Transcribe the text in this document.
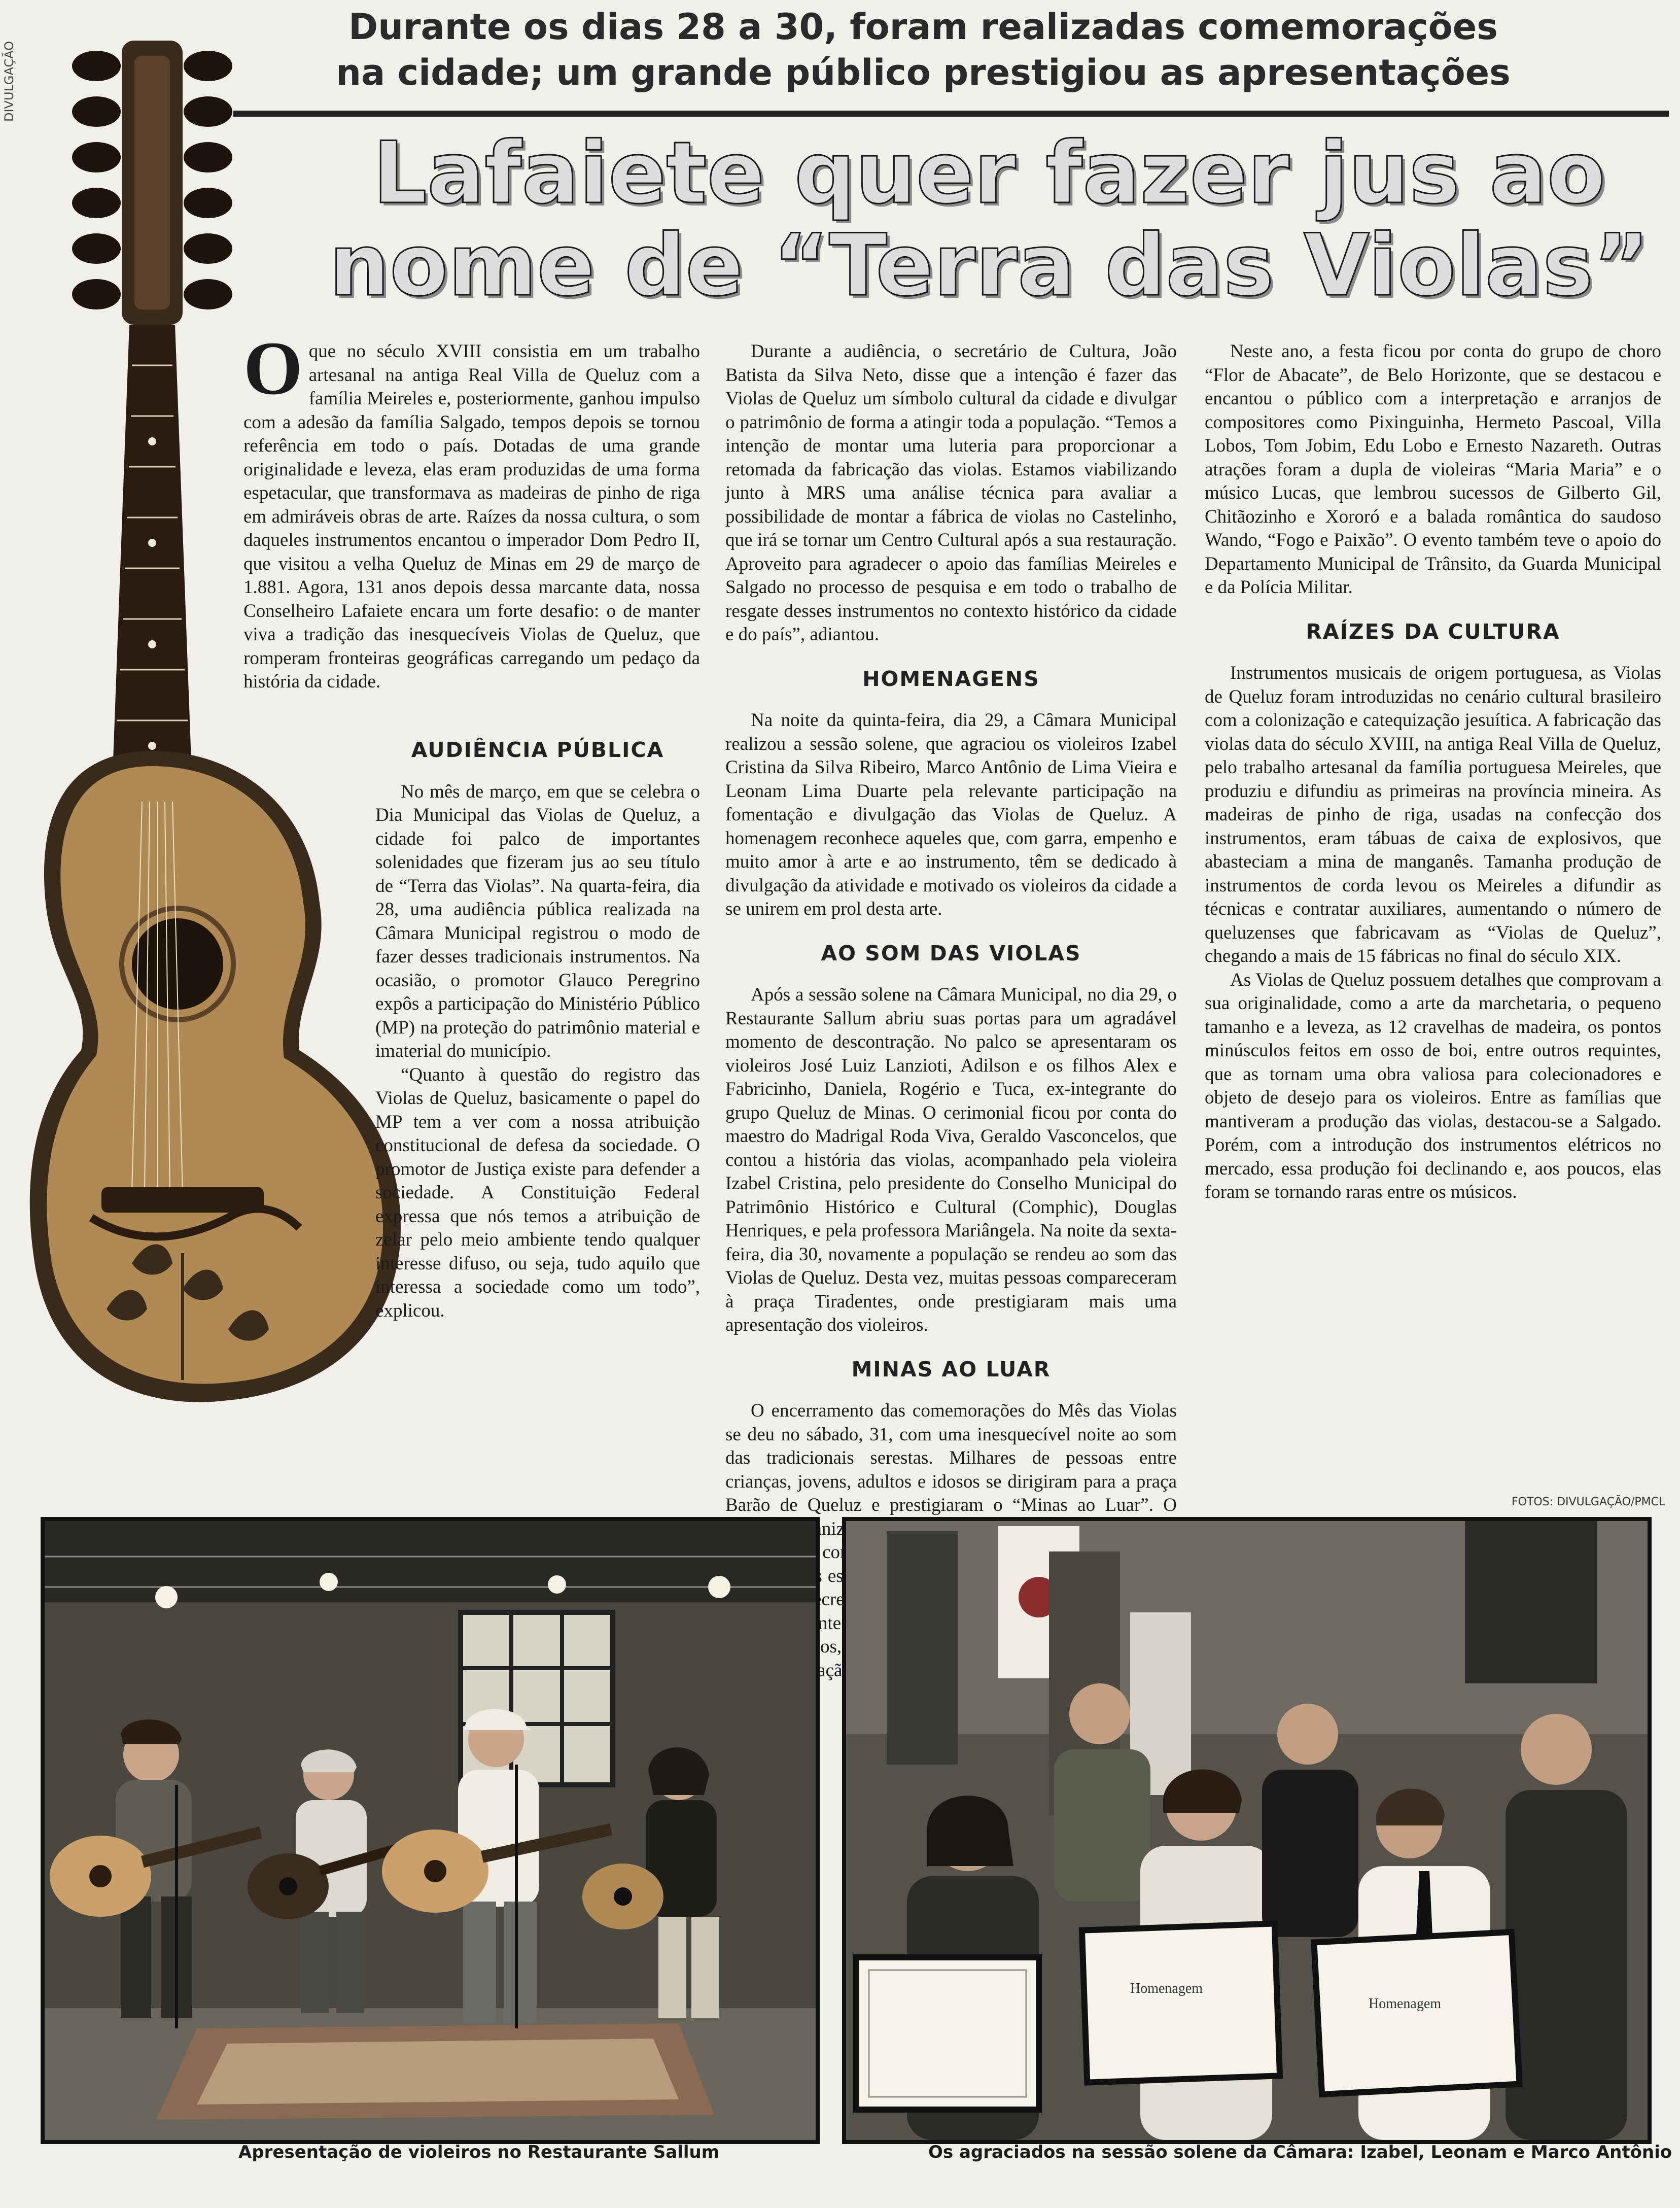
DIVULGAÇÃO
Durante os dias 28 a 30, foram realizadas comemorações
na cidade; um grande público prestigiou as apresentações
Lafaiete quer fazer jus ao
nome de “Terra das Violas”

Oque no século XVIII consistia em um trabalho artesanal na antiga Real Villa de Queluz com a família Meireles e, posteriormente, ganhou impulso com a adesão da família Salgado, tempos depois se tornou referência em todo o país. Dotadas de uma grande originalidade e leveza, elas eram produzidas de uma forma espetacular, que transformava as madeiras de pinho de riga em admiráveis obras de arte. Raízes da nossa cultura, o som daqueles instrumentos encantou o imperador Dom Pedro II, que visitou a velha Queluz de Minas em 29 de março de 1.881. Agora, 131 anos depois dessa marcante data, nossa Conselheiro Lafaiete encara um forte desafio: o de manter viva a tradição das inesquecíveis Violas de Queluz, que romperam fronteiras geográficas carregando um pedaço da história da cidade.

AUDIÊNCIA PÚBLICA

No mês de março, em que se celebra o Dia Municipal das Violas de Queluz, a cidade foi palco de importantes solenidades que fizeram jus ao seu título de “Terra das Violas”. Na quarta-feira, dia 28, uma audiência pública realizada na Câmara Municipal registrou o modo de fazer desses tradicionais instrumentos. Na ocasião, o promotor Glauco Peregrino expôs a participação do Ministério Público (MP) na proteção do patrimônio material e imaterial do município.

“Quanto à questão do registro das Violas de Queluz, basicamente o papel do MP tem a ver com a nossa atribuição constitucional de defesa da sociedade. O promotor de Justiça existe para defender a sociedade. A Constituição Federal expressa que nós temos a atribuição de zelar pelo meio ambiente tendo qualquer interesse difuso, ou seja, tudo aquilo que interessa a sociedade como um todo”, explicou.

Durante a audiência, o secretário de Cultura, João Batista da Silva Neto, disse que a intenção é fazer das Violas de Queluz um símbolo cultural da cidade e divulgar o patrimônio de forma a atingir toda a população. “Temos a intenção de montar uma luteria para proporcionar a retomada da fabricação das violas. Estamos viabilizando junto à MRS uma análise técnica para avaliar a possibilidade de montar a fábrica de violas no Castelinho, que irá se tornar um Centro Cultural após a sua restauração. Aproveito para agradecer o apoio das famílias Meireles e Salgado no processo de pesquisa e em todo o trabalho de resgate desses instrumentos no contexto histórico da cidade e do país”, adiantou.

HOMENAGENS

Na noite da quinta-feira, dia 29, a Câmara Municipal realizou a sessão solene, que agraciou os violeiros Izabel Cristina da Silva Ribeiro, Marco Antônio de Lima Vieira e Leonam Lima Duarte pela relevante participação na fomentação e divulgação das Violas de Queluz. A homenagem reconhece aqueles que, com garra, empenho e muito amor à arte e ao instrumento, têm se dedicado à divulgação da atividade e motivado os violeiros da cidade a se unirem em prol desta arte.

AO SOM DAS VIOLAS

Após a sessão solene na Câmara Municipal, no dia 29, o Restaurante Sallum abriu suas portas para um agradável momento de descontração. No palco se apresentaram os violeiros José Luiz Lanzioti, Adilson e os filhos Alex e Fabricinho, Daniela, Rogério e Tuca, ex-integrante do grupo Queluz de Minas. O cerimonial ficou por conta do maestro do Madrigal Roda Viva, Geraldo Vasconcelos, que contou a história das violas, acompanhado pela violeira Izabel Cristina, pelo presidente do Conselho Municipal do Patrimônio Histórico e Cultural (Comphic), Douglas Henriques, e pela professora Mariângela. Na noite da sexta-feira, dia 30, novamente a população se rendeu ao som das Violas de Queluz. Desta vez, muitas pessoas compareceram à praça Tiradentes, onde prestigiaram mais uma apresentação dos violeiros.

MINAS AO LUAR

O encerramento das comemorações do Mês das Violas se deu no sábado, 31, com uma inesquecível noite ao som das tradicionais serestas. Milhares de pessoas entre crianças, jovens, adultos e idosos se dirigiram para a praça Barão de Queluz e prestigiaram o “Minas ao Luar”. O organizado com

Neste ano, a festa ficou por conta do grupo de choro “Flor de Abacate”, de Belo Horizonte, que se destacou e encantou o público com a interpretação e arranjos de compositores como Pixinguinha, Hermeto Pascoal, Villa Lobos, Tom Jobim, Edu Lobo e Ernesto Nazareth. Outras atrações foram a dupla de violeiras “Maria Maria” e o músico Lucas, que lembrou sucessos de Gilberto Gil, Chitãozinho e Xororó e a balada romântica do saudoso Wando, “Fogo e Paixão”. O evento também teve o apoio do Departamento Municipal de Trânsito, da Guarda Municipal e da Polícia Militar.

RAÍZES DA CULTURA

Instrumentos musicais de origem portuguesa, as Violas de Queluz foram introduzidas no cenário cultural brasileiro com a colonização e catequização jesuítica. A fabricação das violas data do século XVIII, na antiga Real Villa de Queluz, pelo trabalho artesanal da família portuguesa Meireles, que produziu e difundiu as primeiras na província mineira. As madeiras de pinho de riga, usadas na confecção dos instrumentos, eram tábuas de caixa de explosivos, que abasteciam a mina de manganês. Tamanha produção de instrumentos de corda levou os Meireles a difundir as técnicas e contratar auxiliares, aumentando o número de queluzenses que fabricavam as “Violas de Queluz”, chegando a mais de 15 fábricas no final do século XIX.

As Violas de Queluz possuem detalhes que comprovam a sua originalidade, como a arte da marchetaria, o pequeno tamanho e a leveza, as 12 cravelhas de madeira, os pontos minúsculos feitos em osso de boi, entre outros requintes, que as tornam uma obra valiosa para colecionadores e objeto de desejo para os violeiros. Entre as famílias que mantiveram a produção das violas, destacou-se a Salgado. Porém, com a introdução dos instrumentos elétricos no mercado, essa produção foi declinando e, aos poucos, elas foram se tornando raras entre os músicos.

FOTOS: DIVULGAÇÃO/PMCL
Apresentação de violeiros no Restaurante Sallum
Homenagem
Homenagem
Os agraciados na sessão solene da Câmara: Izabel, Leonam e Marco Antônio
